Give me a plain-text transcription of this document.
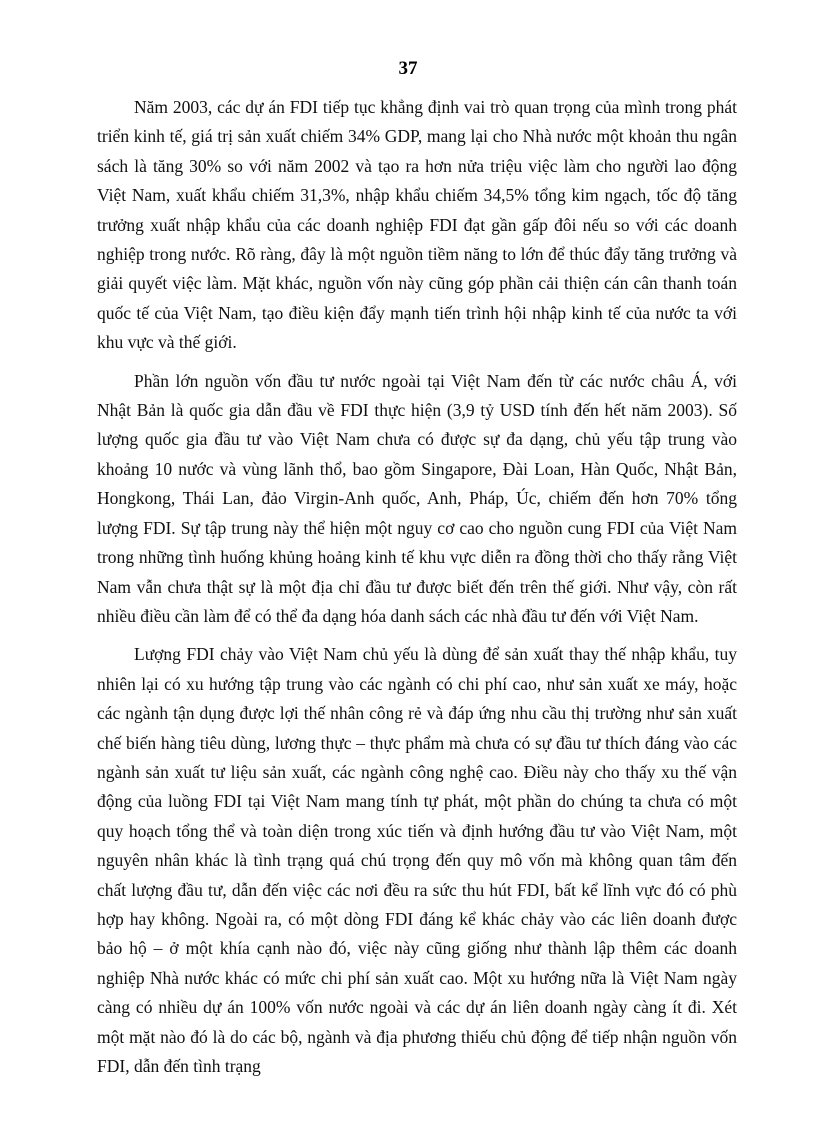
37

Năm 2003, các dự án FDI tiếp tục khẳng định vai trò quan trọng của mình trong phát triển kinh tế, giá trị sản xuất chiếm 34% GDP, mang lại cho Nhà nước một khoản thu ngân sách là tăng 30% so với năm 2002 và tạo ra hơn nửa triệu việc làm cho người lao động Việt Nam, xuất khẩu chiếm 31,3%, nhập khẩu chiếm 34,5% tổng kim ngạch, tốc độ tăng trưởng xuất nhập khẩu của các doanh nghiệp FDI đạt gần gấp đôi nếu so với các doanh nghiệp trong nước. Rõ ràng, đây là một nguồn tiềm năng to lớn để thúc đẩy tăng trưởng và giải quyết việc làm. Mặt khác, nguồn vốn này cũng góp phần cải thiện cán cân thanh toán quốc tế của Việt Nam, tạo điều kiện đẩy mạnh tiến trình hội nhập kinh tế của nước ta với khu vực và thế giới.

Phần lớn nguồn vốn đầu tư nước ngoài tại Việt Nam đến từ các nước châu Á, với Nhật Bản là quốc gia dẫn đầu về FDI thực hiện (3,9 tỷ USD tính đến hết năm 2003). Số lượng quốc gia đầu tư vào Việt Nam chưa có được sự đa dạng, chủ yếu tập trung vào khoảng 10 nước và vùng lãnh thổ, bao gồm Singapore, Đài Loan, Hàn Quốc, Nhật Bản, Hongkong, Thái Lan, đảo Virgin-Anh quốc, Anh, Pháp, Úc, chiếm đến hơn 70% tổng lượng FDI. Sự tập trung này thể hiện một nguy cơ cao cho nguồn cung FDI của Việt Nam trong những tình huống khủng hoảng kinh tế khu vực diễn ra đồng thời cho thấy rằng Việt Nam vẫn chưa thật sự là một địa chỉ đầu tư được biết đến trên thế giới. Như vậy, còn rất nhiều điều cần làm để có thể đa dạng hóa danh sách các nhà đầu tư đến với Việt Nam.

Lượng FDI chảy vào Việt Nam chủ yếu là dùng để sản xuất thay thế nhập khẩu, tuy nhiên lại có xu hướng tập trung vào các ngành có chi phí cao, như sản xuất xe máy, hoặc các ngành tận dụng được lợi thế nhân công rẻ và đáp ứng nhu cầu thị trường như sản xuất chế biến hàng tiêu dùng, lương thực – thực phẩm mà chưa có sự đầu tư thích đáng vào các ngành sản xuất tư liệu sản xuất, các ngành công nghệ cao. Điều này cho thấy xu thế vận động của luồng FDI tại Việt Nam mang tính tự phát, một phần do chúng ta chưa có một quy hoạch tổng thể và toàn diện trong xúc tiến và định hướng đầu tư vào Việt Nam, một nguyên nhân khác là tình trạng quá chú trọng đến quy mô vốn mà không quan tâm đến chất lượng đầu tư, dẫn đến việc các nơi đều ra sức thu hút FDI, bất kể lĩnh vực đó có phù hợp hay không. Ngoài ra, có một dòng FDI đáng kể khác chảy vào các liên doanh được bảo hộ – ở một khía cạnh nào đó, việc này cũng giống như thành lập thêm các doanh nghiệp Nhà nước khác có mức chi phí sản xuất cao. Một xu hướng nữa là Việt Nam ngày càng có nhiều dự án 100% vốn nước ngoài và các dự án liên doanh ngày càng ít đi. Xét một mặt nào đó là do các bộ, ngành và địa phương thiếu chủ động để tiếp nhận nguồn vốn FDI, dẫn đến tình trạng
